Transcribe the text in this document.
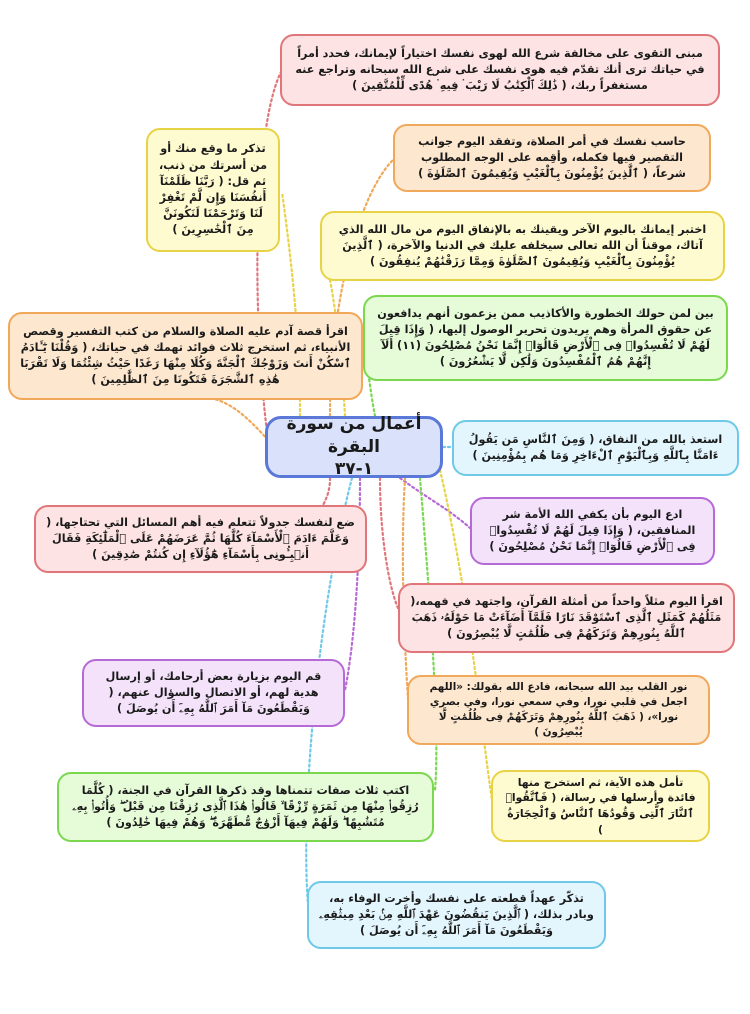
أعمال من سورة البقرة
١-٣٧
مبنى التقوى على مخالفة شرع الله لهوى نفسك اختياراً لإيمانك، فحدد أمراً في حياتك ترى أنك تقدّم فيه هوى نفسك على شرع الله سبحانه وتراجع عنه مستغفراً ربك، ( ذَٰلِكَ ٱلْكِتَٰبُ لَا رَيْبَ ۛ فِيهِ ۛ هُدًى لِّلْمُتَّقِينَ )
تذكر ما وقع منك أو من أسرتك من ذنب، ثم قل: ( رَبَّنَا ظَلَمْنَآ أَنفُسَنَا وَإِن لَّمْ تَغْفِرْ لَنَا وَتَرْحَمْنَا لَنَكُونَنَّ مِنَ ٱلْخَٰسِرِينَ )
حاسب نفسك في أمر الصلاة، وتفقد اليوم جوانب التقصير فيها فكمله، وأقِمه على الوجه المطلوب شرعاً، ( ٱلَّذِينَ يُؤْمِنُونَ بِٱلْغَيْبِ وَيُقِيمُونَ ٱلصَّلَوٰةَ )
اختبر إيمانك باليوم الآخر ويقينك به بالإنفاق اليوم من مال الله الذي آتاك، موقناً أن الله تعالى سيخلفه عليك في الدنيا والآخرة، ( ٱلَّذِينَ يُؤْمِنُونَ بِٱلْغَيْبِ وَيُقِيمُونَ ٱلصَّلَوٰةَ وَمِمَّا رَزَقْنَٰهُمْ يُنفِقُونَ )
بين لمن حولك الخطورة والأكاذيب ممن يزعمون أنهم يدافعون عن حقوق المرأة وهم يريدون تحرير الوصول إليها، ( وَإِذَا قِيلَ لَهُمْ لَا تُفْسِدُوا۟ فِى ٱلْأَرْضِ قَالُوٓا۟ إِنَّمَا نَحْنُ مُصْلِحُونَ (١١) أَلَآ إِنَّهُمْ هُمُ ٱلْمُفْسِدُونَ وَلَٰكِن لَّا يَشْعُرُونَ )
اقرأ قصة آدم عليه الصلاة والسلام من كتب التفسير وقصص الأنبياء، ثم استخرج ثلاث فوائد تهمك في حياتك، ( وَقُلْنَا يَٰٓـَٔادَمُ ٱسْكُنْ أَنتَ وَزَوْجُكَ ٱلْجَنَّةَ وَكُلَا مِنْهَا رَغَدًا حَيْثُ شِئْتُمَا وَلَا تَقْرَبَا هَٰذِهِ ٱلشَّجَرَةَ فَتَكُونَا مِنَ ٱلظَّٰلِمِينَ )
استعذ بالله من النفاق، ( وَمِنَ ٱلنَّاسِ مَن يَقُولُ ءَامَنَّا بِٱللَّهِ وَبِٱلْيَوْمِ ٱلْءَاخِرِ وَمَا هُم بِمُؤْمِنِينَ )
ضع لنفسك جدولاً تتعلم فيه أهم المسائل التي تحتاجها، ( وَعَلَّمَ ءَادَمَ ٱلْأَسْمَآءَ كُلَّهَا ثُمَّ عَرَضَهُمْ عَلَى ٱلْمَلَٰٓئِكَةِ فَقَالَ أَنۢبِـُٔونِى بِأَسْمَآءِ هَٰٓؤُلَآءِ إِن كُنتُمْ صَٰدِقِينَ )
ادع اليوم بأن يكفي الله الأمة شر المنافقين، ( وَإِذَا قِيلَ لَهُمْ لَا تُفْسِدُوا۟ فِى ٱلْأَرْضِ قَالُوٓا۟ إِنَّمَا نَحْنُ مُصْلِحُونَ )
اقرأ اليوم مثلاً واحداً من أمثلة القرآن، واجتهد في فهمه،( مَثَلُهُمْ كَمَثَلِ ٱلَّذِى ٱسْتَوْقَدَ نَارًا فَلَمَّآ أَضَآءَتْ مَا حَوْلَهُۥ ذَهَبَ ٱللَّهُ بِنُورِهِمْ وَتَرَكَهُمْ فِى ظُلُمَٰتٍ لَّا يُبْصِرُونَ )
قم اليوم بزيارة بعض أرحامك، أو إرسال هدية لهم، أو الاتصال والسؤال عنهم، ( وَيَقْطَعُونَ مَآ أَمَرَ ٱللَّهُ بِهِۦٓ أَن يُوصَلَ )
نور القلب بيد الله سبحانه، فادع الله بقولك: «اللهم اجعل في قلبي نورا، وفي سمعي نورا، وفي بصري نورا»، ( ذَهَبَ ٱللَّهُ بِنُورِهِمْ وَتَرَكَهُمْ فِى ظُلُمَٰتٍ لَّا يُبْصِرُونَ )
اكتب ثلاث صفات تتمناها وقد ذكرها القرآن في الجنة، ( كُلَّمَا رُزِقُوا۟ مِنْهَا مِن ثَمَرَةٍ رِّزْقًا ۙ قَالُوا۟ هَٰذَا ٱلَّذِى رُزِقْنَا مِن قَبْلُ ۖ وَأُتُوا۟ بِهِۦ مُتَشَٰبِهًا ۖ وَلَهُمْ فِيهَآ أَزْوَٰجٌ مُّطَهَّرَةٌ ۖ وَهُمْ فِيهَا خَٰلِدُونَ )
تأمل هذه الآية، ثم استخرج منها فائدة وأرسلها في رسالة، ( فَٱتَّقُوا۟ ٱلنَّارَ ٱلَّتِى وَقُودُهَا ٱلنَّاسُ وَٱلْحِجَارَةُ )
تذكّر عهداً قطعته على نفسك وأخرت الوفاء به، وبادر بذلك، ( ٱلَّذِينَ يَنقُضُونَ عَهْدَ ٱللَّهِ مِنۢ بَعْدِ مِيثَٰقِهِۦ وَيَقْطَعُونَ مَآ أَمَرَ ٱللَّهُ بِهِۦٓ أَن يُوصَلَ )
